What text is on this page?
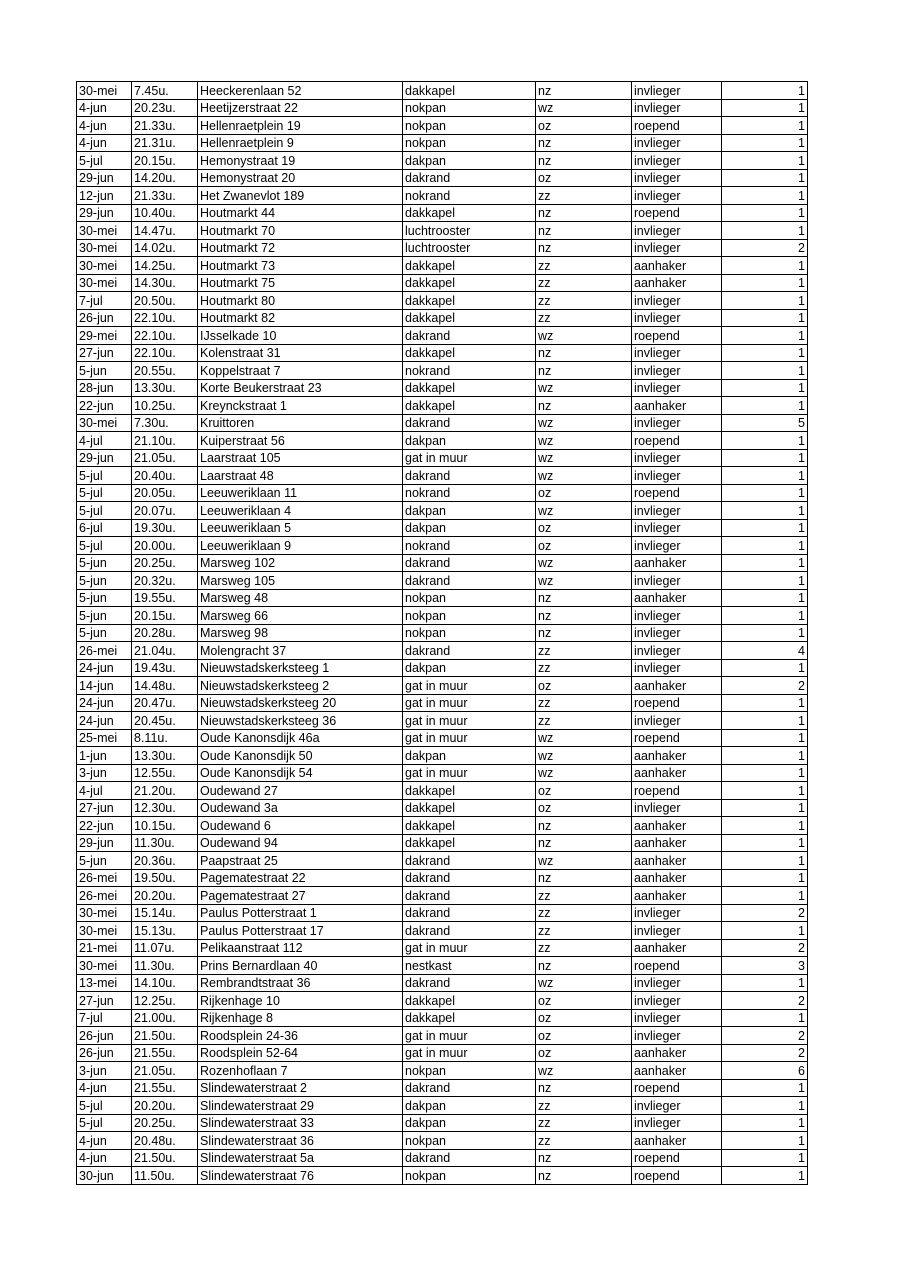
30-mei	7.45u.	Heeckerenlaan 52	dakkapel	nz	invlieger	1
4-jun	20.23u.	Heetijzerstraat 22	nokpan	wz	invlieger	1
4-jun	21.33u.	Hellenraetplein 19	nokpan	oz	roepend	1
4-jun	21.31u.	Hellenraetplein 9	nokpan	nz	invlieger	1
5-jul	20.15u.	Hemonystraat 19	dakpan	nz	invlieger	1
29-jun	14.20u.	Hemonystraat 20	dakrand	oz	invlieger	1
12-jun	21.33u.	Het Zwanevlot 189	nokrand	zz	invlieger	1
29-jun	10.40u.	Houtmarkt 44	dakkapel	nz	roepend	1
30-mei	14.47u.	Houtmarkt 70	luchtrooster	nz	invlieger	1
30-mei	14.02u.	Houtmarkt 72	luchtrooster	nz	invlieger	2
30-mei	14.25u.	Houtmarkt 73	dakkapel	zz	aanhaker	1
30-mei	14.30u.	Houtmarkt 75	dakkapel	zz	aanhaker	1
7-jul	20.50u.	Houtmarkt 80	dakkapel	zz	invlieger	1
26-jun	22.10u.	Houtmarkt 82	dakkapel	zz	invlieger	1
29-mei	22.10u.	IJsselkade 10	dakrand	wz	roepend	1
27-jun	22.10u.	Kolenstraat 31	dakkapel	nz	invlieger	1
5-jun	20.55u.	Koppelstraat 7	nokrand	nz	invlieger	1
28-jun	13.30u.	Korte Beukerstraat 23	dakkapel	wz	invlieger	1
22-jun	10.25u.	Kreynckstraat 1	dakkapel	nz	aanhaker	1
30-mei	7.30u.	Kruittoren	dakrand	wz	invlieger	5
4-jul	21.10u.	Kuiperstraat 56	dakpan	wz	roepend	1
29-jun	21.05u.	Laarstraat 105	gat in muur	wz	invlieger	1
5-jul	20.40u.	Laarstraat 48	dakrand	wz	invlieger	1
5-jul	20.05u.	Leeuweriklaan 11	nokrand	oz	roepend	1
5-jul	20.07u.	Leeuweriklaan 4	dakpan	wz	invlieger	1
6-jul	19.30u.	Leeuweriklaan 5	dakpan	oz	invlieger	1
5-jul	20.00u.	Leeuweriklaan 9	nokrand	oz	invlieger	1
5-jun	20.25u.	Marsweg 102	dakrand	wz	aanhaker	1
5-jun	20.32u.	Marsweg 105	dakrand	wz	invlieger	1
5-jun	19.55u.	Marsweg 48	nokpan	nz	aanhaker	1
5-jun	20.15u.	Marsweg 66	nokpan	nz	invlieger	1
5-jun	20.28u.	Marsweg 98	nokpan	nz	invlieger	1
26-mei	21.04u.	Molengracht 37	dakrand	zz	invlieger	4
24-jun	19.43u.	Nieuwstadskerksteeg 1	dakpan	zz	invlieger	1
14-jun	14.48u.	Nieuwstadskerksteeg 2	gat in muur	oz	aanhaker	2
24-jun	20.47u.	Nieuwstadskerksteeg 20	gat in muur	zz	roepend	1
24-jun	20.45u.	Nieuwstadskerksteeg 36	gat in muur	zz	invlieger	1
25-mei	8.11u.	Oude Kanonsdijk 46a	gat in muur	wz	roepend	1
1-jun	13.30u.	Oude Kanonsdijk 50	dakpan	wz	aanhaker	1
3-jun	12.55u.	Oude Kanonsdijk 54	gat in muur	wz	aanhaker	1
4-jul	21.20u.	Oudewand 27	dakkapel	oz	roepend	1
27-jun	12.30u.	Oudewand 3a	dakkapel	oz	invlieger	1
22-jun	10.15u.	Oudewand 6	dakkapel	nz	aanhaker	1
29-jun	11.30u.	Oudewand 94	dakkapel	nz	aanhaker	1
5-jun	20.36u.	Paapstraat 25	dakrand	wz	aanhaker	1
26-mei	19.50u.	Pagematestraat 22	dakrand	nz	aanhaker	1
26-mei	20.20u.	Pagematestraat 27	dakrand	zz	aanhaker	1
30-mei	15.14u.	Paulus Potterstraat 1	dakrand	zz	invlieger	2
30-mei	15.13u.	Paulus Potterstraat 17	dakrand	zz	invlieger	1
21-mei	11.07u.	Pelikaanstraat 112	gat in muur	zz	aanhaker	2
30-mei	11.30u.	Prins Bernardlaan 40	nestkast	nz	roepend	3
13-mei	14.10u.	Rembrandtstraat 36	dakrand	wz	invlieger	1
27-jun	12.25u.	Rijkenhage 10	dakkapel	oz	invlieger	2
7-jul	21.00u.	Rijkenhage 8	dakkapel	oz	invlieger	1
26-jun	21.50u.	Roodsplein 24-36	gat in muur	oz	invlieger	2
26-jun	21.55u.	Roodsplein 52-64	gat in muur	oz	aanhaker	2
3-jun	21.05u.	Rozenhoflaan 7	nokpan	wz	aanhaker	6
4-jun	21.55u.	Slindewaterstraat 2	dakrand	nz	roepend	1
5-jul	20.20u.	Slindewaterstraat 29	dakpan	zz	invlieger	1
5-jul	20.25u.	Slindewaterstraat 33	dakpan	zz	invlieger	1
4-jun	20.48u.	Slindewaterstraat 36	nokpan	zz	aanhaker	1
4-jun	21.50u.	Slindewaterstraat 5a	dakrand	nz	roepend	1
30-jun	11.50u.	Slindewaterstraat 76	nokpan	nz	roepend	1
